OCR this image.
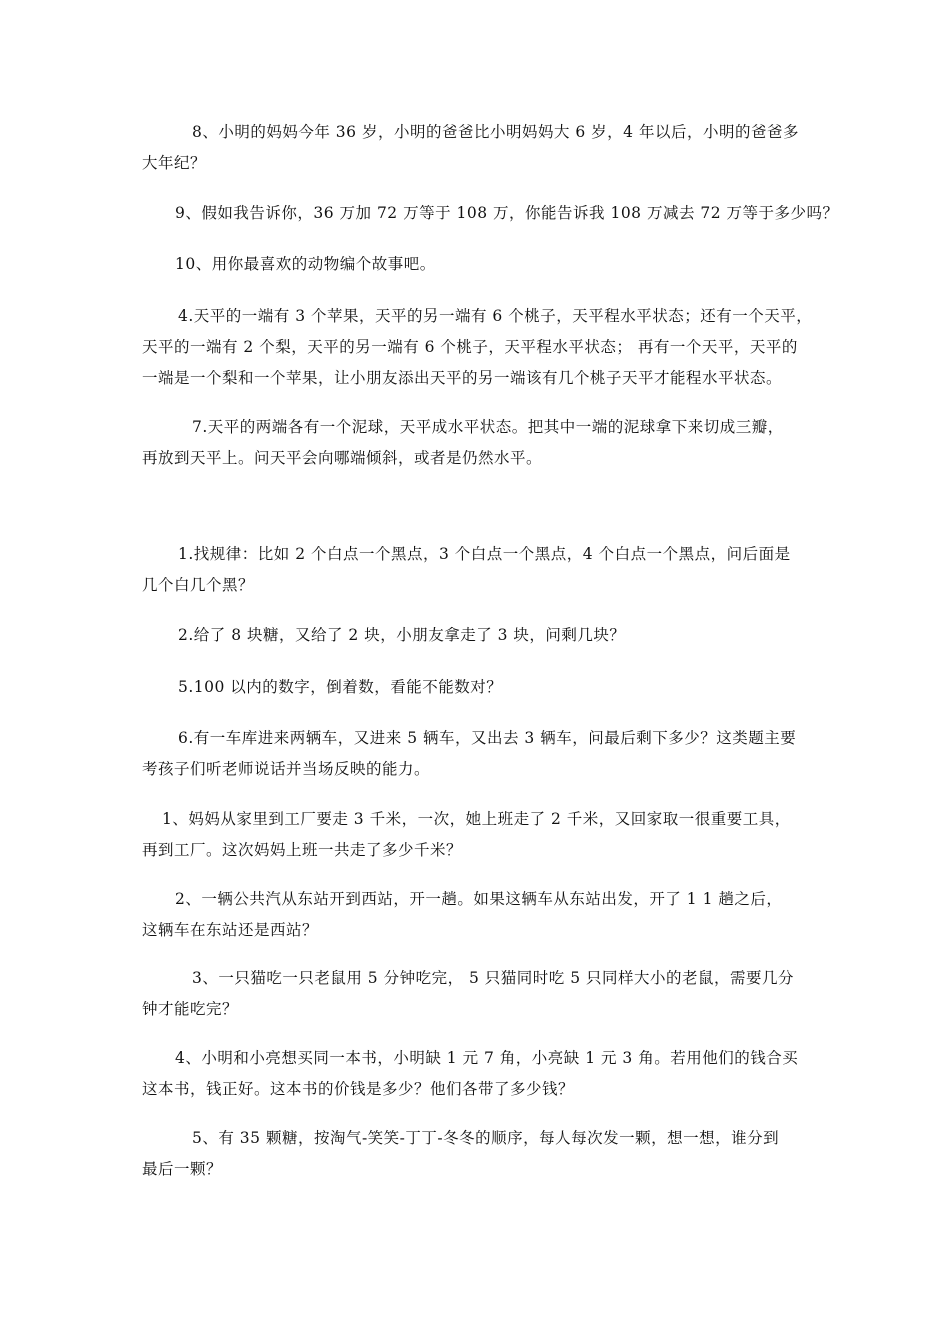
8、小明的妈妈今年 36 岁，小明的爸爸比小明妈妈大 6 岁，4 年以后，小明的爸爸多
大年纪？
9、假如我告诉你，36 万加 72 万等于 108 万，你能告诉我 108 万减去 72 万等于多少吗？
10、用你最喜欢的动物编个故事吧。
4.天平的一端有 3 个苹果，天平的另一端有 6 个桃子，天平程水平状态；还有一个天平，
天平的一端有 2 个梨，天平的另一端有 6 个桃子，天平程水平状态； 再有一个天平，天平的
一端是一个梨和一个苹果，让小朋友添出天平的另一端该有几个桃子天平才能程水平状态。
7.天平的两端各有一个泥球，天平成水平状态。把其中一端的泥球拿下来切成三瓣，
再放到天平上。问天平会向哪端倾斜，或者是仍然水平。
1.找规律：比如 2 个白点一个黑点，3 个白点一个黑点，4 个白点一个黑点，问后面是
几个白几个黑？
2.给了 8 块糖，又给了 2 块，小朋友拿走了 3 块，问剩几块？
5.100 以内的数字，倒着数，看能不能数对？
6.有一车库进来两辆车，又进来 5 辆车，又出去 3 辆车，问最后剩下多少？这类题主要
考孩子们听老师说话并当场反映的能力。
1、妈妈从家里到工厂要走 3 千米，一次，她上班走了 2 千米，又回家取一很重要工具，
再到工厂。这次妈妈上班一共走了多少千米？
2、一辆公共汽从东站开到西站，开一趟。如果这辆车从东站出发，开了 1 1 趟之后，
这辆车在东站还是西站？
3、一只猫吃一只老鼠用 5 分钟吃完， 5 只猫同时吃 5 只同样大小的老鼠，需要几分
钟才能吃完？
4、小明和小亮想买同一本书，小明缺 1 元 7 角，小亮缺 1 元 3 角。若用他们的钱合买
这本书，钱正好。这本书的价钱是多少？他们各带了多少钱？
5、有 35 颗糖，按淘气-笑笑-丁丁-冬冬的顺序，每人每次发一颗，想一想，谁分到
最后一颗？
